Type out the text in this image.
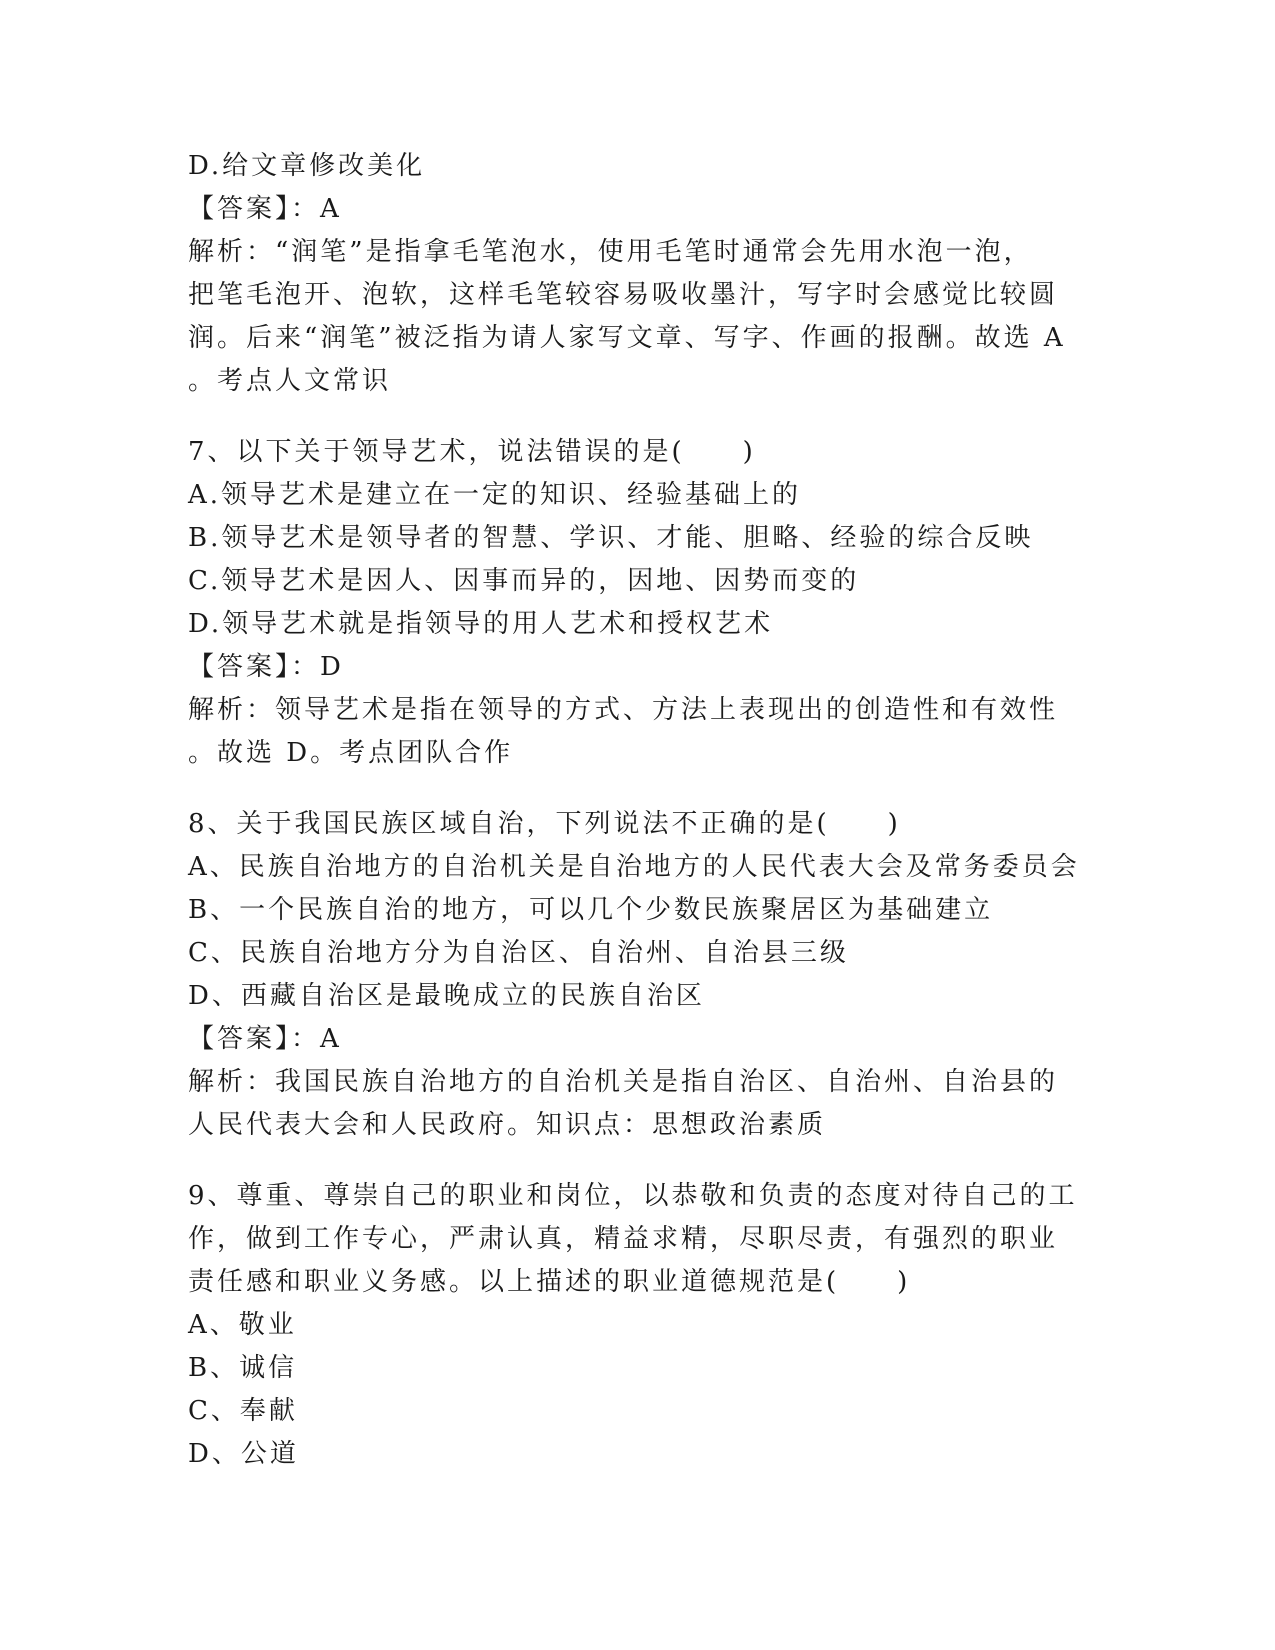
D.给文章修改美化
【答案】：A
解析：“润笔”是指拿毛笔泡水，使用毛笔时通常会先用水泡一泡，
把笔毛泡开、泡软，这样毛笔较容易吸收墨汁，写字时会感觉比较圆
润。后来“润笔”被泛指为请人家写文章、写字、作画的报酬。故选 A
。考点人文常识
7、以下关于领导艺术，说法错误的是(　　)
A.领导艺术是建立在一定的知识、经验基础上的
B.领导艺术是领导者的智慧、学识、才能、胆略、经验的综合反映
C.领导艺术是因人、因事而异的，因地、因势而变的
D.领导艺术就是指领导的用人艺术和授权艺术
【答案】：D
解析：领导艺术是指在领导的方式、方法上表现出的创造性和有效性
。故选 D。考点团队合作
8、关于我国民族区域自治，下列说法不正确的是(　　)
A、民族自治地方的自治机关是自治地方的人民代表大会及常务委员会
B、一个民族自治的地方，可以几个少数民族聚居区为基础建立
C、民族自治地方分为自治区、自治州、自治县三级
D、西藏自治区是最晚成立的民族自治区
【答案】：A
解析：我国民族自治地方的自治机关是指自治区、自治州、自治县的
人民代表大会和人民政府。知识点：思想政治素质
9、尊重、尊崇自己的职业和岗位，以恭敬和负责的态度对待自己的工
作，做到工作专心，严肃认真，精益求精，尽职尽责，有强烈的职业
责任感和职业义务感。以上描述的职业道德规范是(　　)
A、敬业
B、诚信
C、奉献
D、公道
